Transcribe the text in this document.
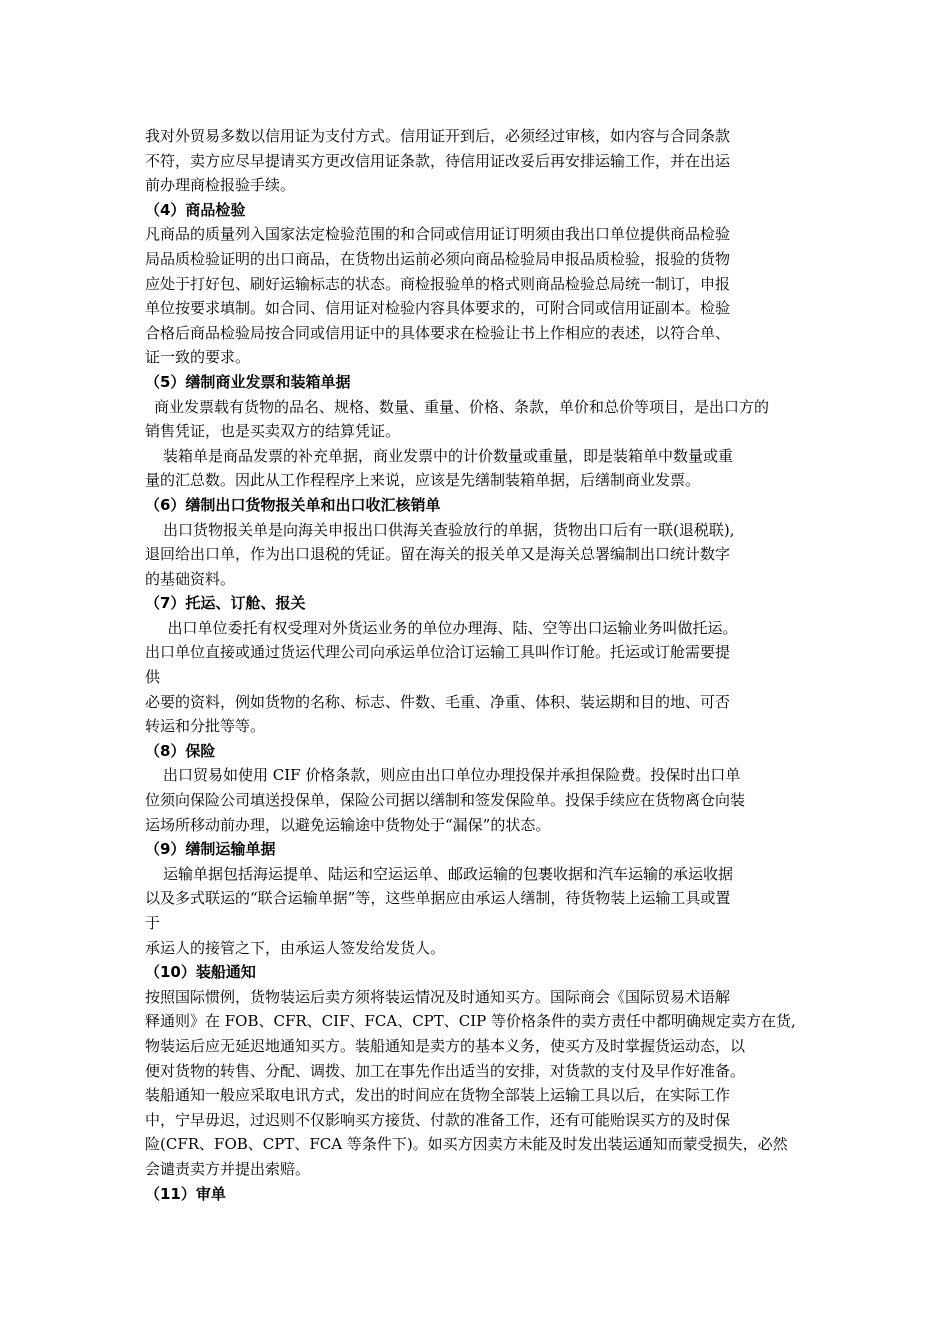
我对外贸易多数以信用证为支付方式。信用证开到后，必须经过审核，如内容与合同条款
不符，卖方应尽早提请买方更改信用证条款，待信用证改妥后再安排运输工作，并在出运
前办理商检报验手续。
（4）商品检验
凡商品的质量列入国家法定检验范围的和合同或信用证订明须由我出口单位提供商品检验
局品质检验证明的出口商品，在货物出运前必须向商品检验局申报品质检验，报验的货物
应处于打好包、刷好运输标志的状态。商检报验单的格式则商品检验总局统一制订，申报
单位按要求填制。如合同、信用证对检验内容具体要求的，可附合同或信用证副本。检验
合格后商品检验局按合同或信用证中的具体要求在检验让书上作相应的表述，以符合单、
证一致的要求。
（5）缮制商业发票和装箱单据
商业发票载有货物的品名、规格、数量、重量、价格、条款，单价和总价等项目，是出口方的
销售凭证，也是买卖双方的结算凭证。
装箱单是商品发票的补充单据，商业发票中的计价数量或重量，即是装箱单中数量或重
量的汇总数。因此从工作程程序上来说，应该是先缮制装箱单据，后缮制商业发票。
（6）缮制出口货物报关单和出口收汇核销单
出口货物报关单是向海关申报出口供海关查验放行的单据，货物出口后有一联(退税联),
退回给出口单，作为出口退税的凭证。留在海关的报关单又是海关总署编制出口统计数字
的基础资料。
（7）托运、订舱、报关
出口单位委托有权受理对外货运业务的单位办理海、陆、空等出口运输业务叫做托运。
出口单位直接或通过货运代理公司向承运单位洽订运输工具叫作订舱。托运或订舱需要提
供
必要的资料，例如货物的名称、标志、件数、毛重、净重、体积、装运期和目的地、可否
转运和分批等等。
（8）保险
出口贸易如使用 CIF 价格条款，则应由出口单位办理投保并承担保险费。投保时出口单
位须向保险公司填送投保单，保险公司据以缮制和签发保险单。投保手续应在货物离仓向装
运场所移动前办理，以避免运输途中货物处于“漏保”的状态。
（9）缮制运输单据
运输单据包括海运提单、陆运和空运运单、邮政运输的包裹收据和汽车运输的承运收据
以及多式联运的“联合运输单据”等，这些单据应由承运人缮制，待货物装上运输工具或置
于
承运人的接管之下，由承运人签发给发货人。
（10）装船通知
按照国际惯例，货物装运后卖方须将装运情况及时通知买方。国际商会《国际贸易术语解
释通则》在 FOB、CFR、CIF、FCA、CPT、CIP 等价格条件的卖方责任中都明确规定卖方在货,
物装运后应无延迟地通知买方。装船通知是卖方的基本义务，使买方及时掌握货运动态，以
便对货物的转售、分配、调拨、加工在事先作出适当的安排，对货款的支付及早作好准备。
装船通知一般应采取电讯方式，发出的时间应在货物全部装上运输工具以后，在实际工作
中，宁早毋迟，过迟则不仅影响买方接货、付款的准备工作，还有可能贻误买方的及时保
险(CFR、FOB、CPT、FCA 等条件下)。如买方因卖方未能及时发出装运通知而蒙受损失，必然
会谴责卖方并提出索赔。
（11）审单
